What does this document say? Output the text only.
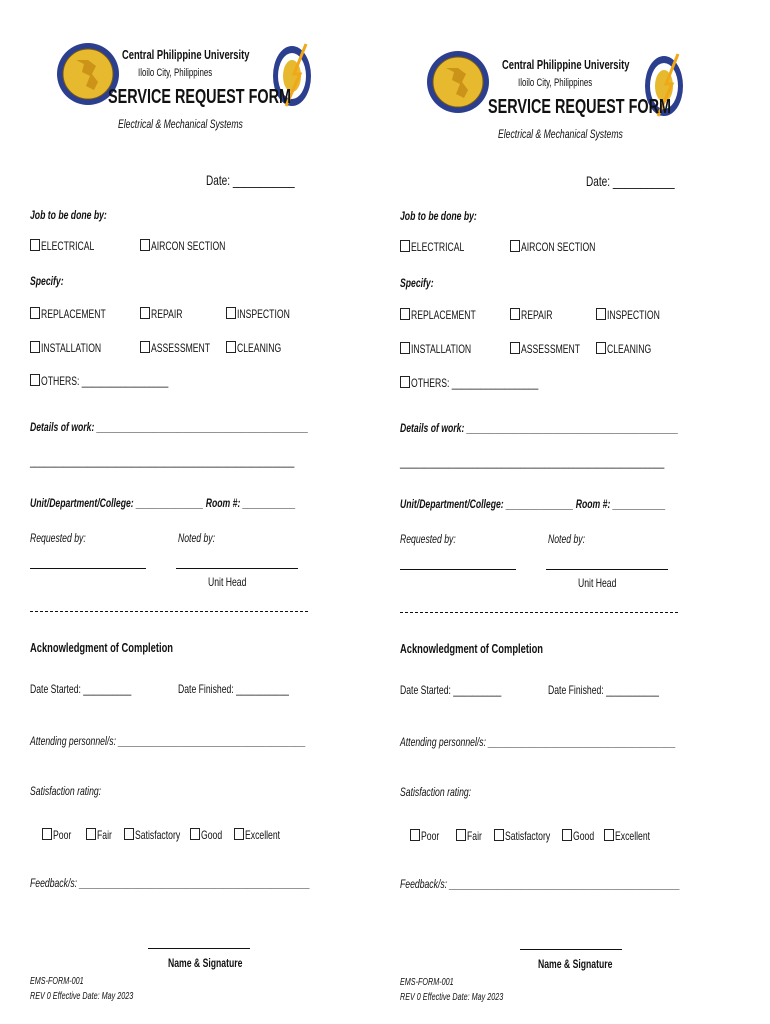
Central Philippine University
Iloilo City, Philippines
SERVICE REQUEST FORM
Electrical & Mechanical Systems
Date: ___________
Job to be done by:
ELECTRICAL	AIRCON SECTION
Specify:
REPLACEMENT	REPAIR	INSPECTION
INSTALLATION	ASSESSMENT	CLEANING
OTHERS: __________________
Details of work: ____________________________________________
_______________________________________________________
Unit/Department/College: ______________ Room #: ___________
Requested by:	Noted by:
Unit Head
Acknowledgment of Completion
Date Started: __________	Date Finished: ___________
Attending personnel/s: _______________________________________
Satisfaction rating:
Poor	Fair	Satisfactory	Good	Excellent
Feedback/s: ________________________________________________
Name & Signature
EMS-FORM-001
REV 0 Effective Date: May 2023
Central Philippine University
Iloilo City, Philippines
SERVICE REQUEST FORM
Electrical & Mechanical Systems
Date: ___________
Job to be done by:
ELECTRICAL	AIRCON SECTION
Specify:
REPLACEMENT	REPAIR	INSPECTION
INSTALLATION	ASSESSMENT	CLEANING
OTHERS: __________________
Details of work: ____________________________________________
_______________________________________________________
Unit/Department/College: ______________ Room #: ___________
Requested by:	Noted by:
Unit Head
Acknowledgment of Completion
Date Started: __________	Date Finished: ___________
Attending personnel/s: _______________________________________
Satisfaction rating:
Poor	Fair	Satisfactory	Good	Excellent
Feedback/s: ________________________________________________
Name & Signature
EMS-FORM-001
REV 0 Effective Date: May 2023
